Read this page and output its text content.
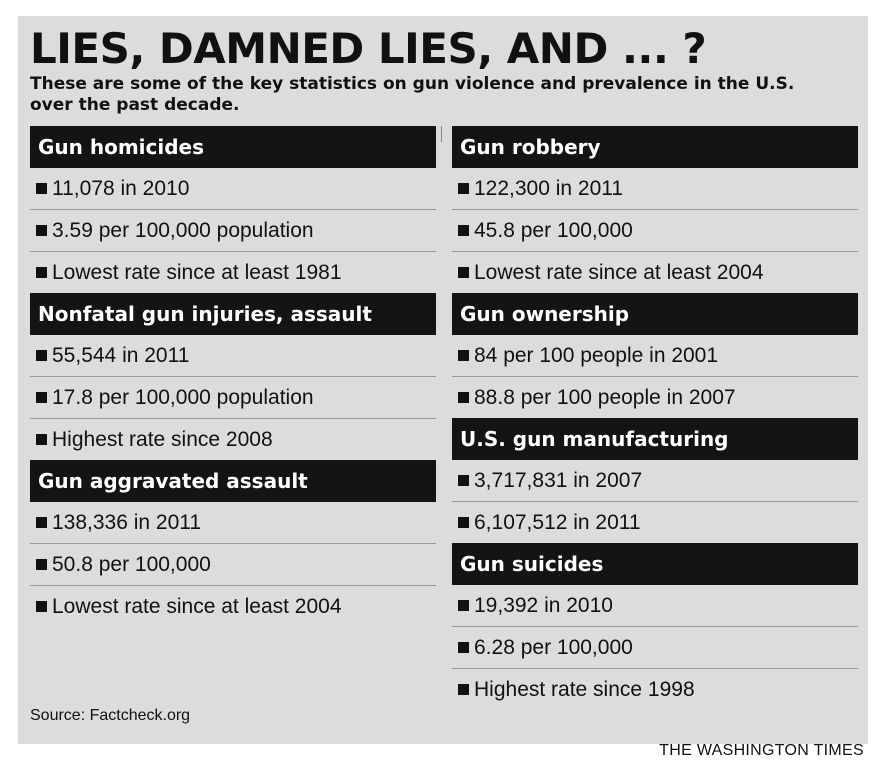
LIES, DAMNED LIES, AND ... ?

These are some of the key statistics on gun violence and prevalence in the U.S. over the past decade.

Gun homicides
11,078 in 2010
3.59 per 100,000 population
Lowest rate since at least 1981
Nonfatal gun injuries, assault
55,544 in 2011
17.8 per 100,000 population
Highest rate since 2008
Gun aggravated assault
138,336 in 2011
50.8 per 100,000
Lowest rate since at least 2004
Gun robbery
122,300 in 2011
45.8 per 100,000
Lowest rate since at least 2004
Gun ownership
84 per 100 people in 2001
88.8 per 100 people in 2007
U.S. gun manufacturing
3,717,831 in 2007
6,107,512 in 2011
Gun suicides
19,392 in 2010
6.28 per 100,000
Highest rate since 1998

Source: Factcheck.org

THE WASHINGTON TIMES
